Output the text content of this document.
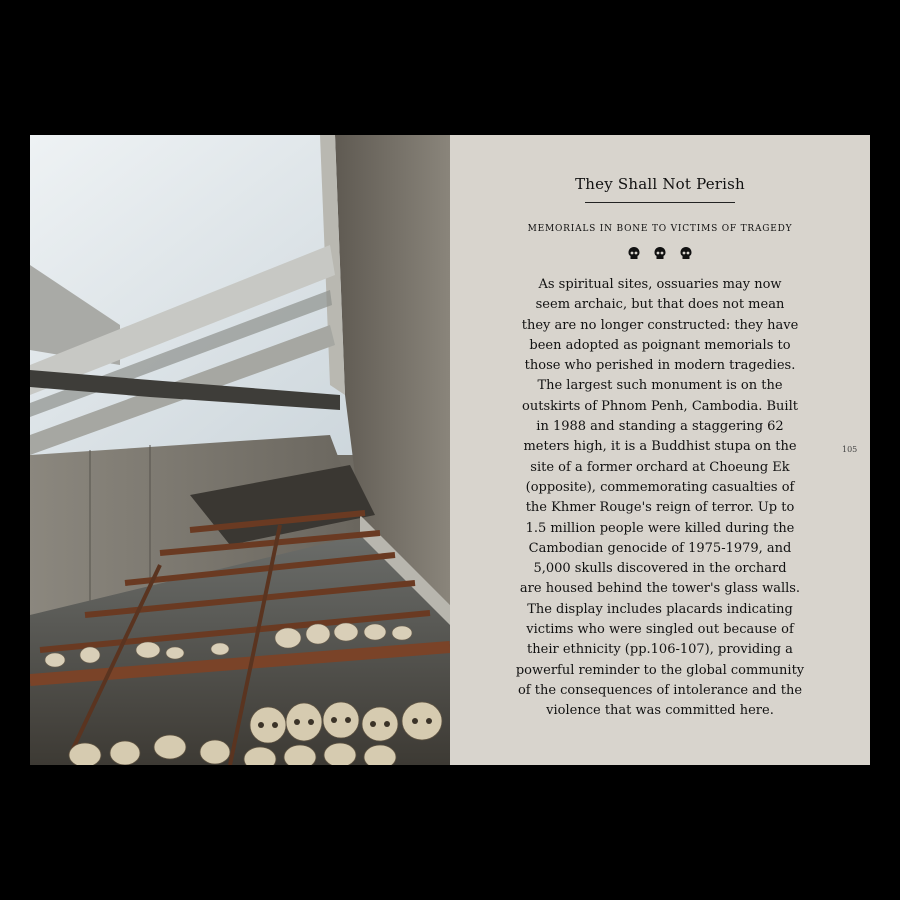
They Shall Not Perish
MEMORIALS IN BONE TO VICTIMS OF TRAGEDY
As spiritual sites, ossuaries may now
seem archaic, but that does not mean
they are no longer constructed: they have
been adopted as poignant memorials to
those who perished in modern tragedies.
The largest such monument is on the
outskirts of Phnom Penh, Cambodia. Built
in 1988 and standing a staggering 62
meters high, it is a Buddhist stupa on the
site of a former orchard at Choeung Ek
(opposite), commemorating casualties of
the Khmer Rouge's reign of terror. Up to
1.5 million people were killed during the
Cambodian genocide of 1975-1979, and
5,000 skulls discovered in the orchard
are housed behind the tower's glass walls.
The display includes placards indicating
victims who were singled out because of
their ethnicity (pp.106-107), providing a
powerful reminder to the global community
of the consequences of intolerance and the
violence that was committed here.
105
